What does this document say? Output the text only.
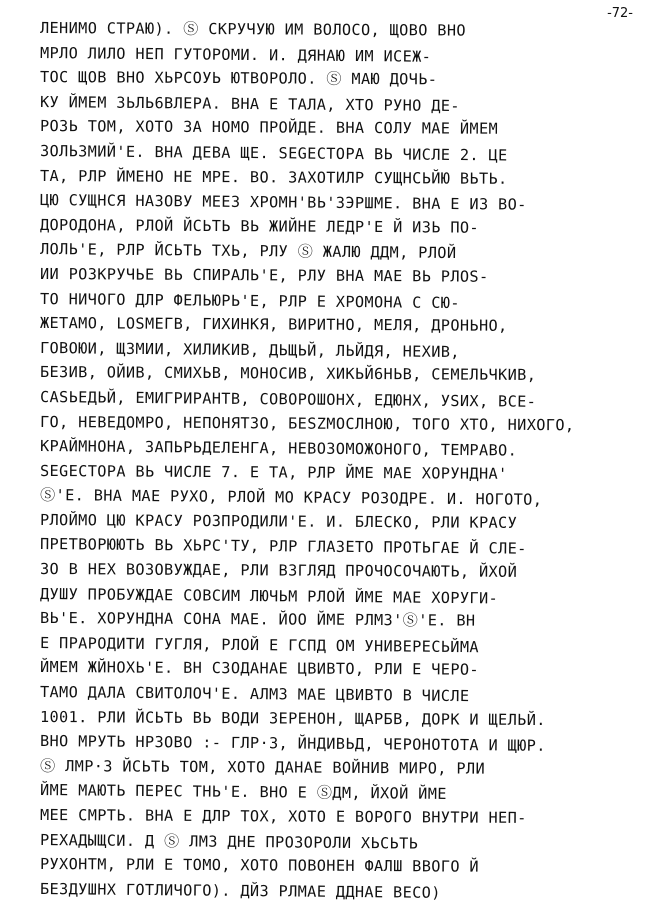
-72-
ЛЕНИМО СТРАЮ). Ⓢ СКРУЧУЮ ИМ ВОЛОСО, ЩОВО ВНО
МРЛО ЛИЛО НЕП ГУТОРОМИ. И. ДЯНАЮ ИМ ИСЕЖ-
ТОС ЩОВ ВНО ХЬРСОУЬ ЮТВОРОЛО. Ⓢ МАЮ ДОЧЬ-
КУ ЙМЕМ ЗЬЛЬ6ВЛЕРА. ВНА Е ТАЛА, ХТО РУНО ДЕ-
РОЗЬ ТОМ, ХОТО ЗА НОМО ПРОЙДЕ. ВНА СОЛУ МАЕ ЙМЕМ
ЗОЛЬЗМИЙ'Е. ВНА ДЕВА ЩЕ. SEGEСТОРА ВЬ ЧИСЛЕ 2. ЦЕ
ТА, РЛР ЙМЕНО НЕ МРЕ. ВО. ЗАХОТИЛР СУЩНСЬЙЮ ВЬТЬ.
ЦЮ СУЩНСЯ НАЗОВУ МЕЕЗ ХРОМН'ВЬ'ЗЭРШМЕ. ВНА Е ИЗ ВО-
ДОРОДОНА, РЛОЙ ЙСЬТЬ ВЬ ЖИЙНЕ ЛЕДР'Е Й ИЗЬ ПО-
ЛОЛЬ'Е, РЛР ЙСЬТЬ ТХЬ, РЛУ Ⓢ ЖАЛЮ ДДМ, РЛОЙ
ИИ РОЗКРУЧЬЕ ВЬ СПИРАЛЬ'Е, РЛУ ВНА МАЕ ВЬ РЛОS-
ТО НИЧОГО ДЛР ФЕЛЬЮРЬ'Е, РЛР Е ХРОМОНА С СЮ-
ЖЕТАМО, LOSMЕГВ, ГИХИНКЯ, ВИРИТНО, МЕЛЯ, ДРОНЬНО,
ГОВОЮИ, ЩЗМИИ, ХИЛИКИВ, ДЬЩЬЙ, ЛЬЙДЯ, НЕХИВ,
БЕЗИВ, ОЙИВ, СМИХЬВ, МОНОСИВ, ХИКЬЙ6НЬВ, СЕМЕЛЬЧКИВ,
САSЬЕДЬЙ, ЕМИГРИРАНТВ, СОВОРОШОНХ, ЕДЮНХ, УSИХ, ВСЕ-
ГО, НЕВЕДОМРО, НЕПОНЯТЗО, БЕSZМОСЛНОЮ, ТОГО ХТО, НИХОГО,
КРАЙМНОНА, ЗАПЬРЬДЕЛЕНГА, НЕВОЗОМОЖОНОГО, ТЕМРАВО.
SEGEСТОРА ВЬ ЧИСЛЕ 7. Е ТА, РЛР ЙМЕ МАЕ ХОРУНДНА'
Ⓢ'Е. ВНА МАЕ РУХО, РЛОЙ МО КРАСУ РОЗОДРЕ. И. НОГОТО,
РЛОЙМО ЦЮ КРАСУ РОЗПРОДИЛИ'Е. И. БЛЕСКО, РЛИ КРАСУ
ПРЕТВОРЮЮТЬ ВЬ ХЬРС'ТУ, РЛР ГЛАЗЕТО ПРОТЬГАЕ Й СЛЕ-
ЗО В НЕХ ВОЗОВУЖДАЕ, РЛИ ВЗГЛЯД ПРОЧОСОЧАЮТЬ, ЙХОЙ
ДУШУ ПРОБУЖДАЕ СОВСИМ ЛЮЧЬМ РЛОЙ ЙМЕ МАЕ ХОРУГИ-
ВЬ'Е. ХОРУНДНА СОНА МАЕ. ЙОО ЙМЕ РЛМЗ'Ⓢ'Е. ВН
Е ПРАРОДИТИ ГУГЛЯ, РЛОЙ Е ГСПД ОМ УНИВЕРЕСЬЙМА
ЙМЕМ ЖЙНОХЬ'Е. ВН СЗОДАНАЕ ЦВИВТО, РЛИ Е ЧЕРО-
ТАМО ДАЛА СВИТОЛОЧ'Е. АЛМЗ МАЕ ЦВИВТО В ЧИСЛЕ
1001. РЛИ ЙСЬТЬ ВЬ ВОДИ ЗЕРЕНОН, ЩАРБВ, ДОРК И ЩЕЛЬЙ.
ВНО МРУТЬ НРЗОВО :- ГЛР·З, ЙНДИВЬД, ЧЕРОНОТОТА И ЩЮР.
Ⓢ ЛМР·З ЙСЬТЬ ТОМ, ХОТО ДАНАЕ ВОЙНИВ МИРО, РЛИ
ЙМЕ МАЮТЬ ПЕРЕС ТНЬ'Е. ВНО Е ⓈДМ, ЙХОЙ ЙМЕ
МЕЕ СМРТЬ. ВНА Е ДЛР ТОХ, ХОТО Е ВОРОГО ВНУТРИ НЕП-
РЕХАДЫЩСИ. Д Ⓢ ЛМЗ ДНЕ ПРОЗОРОЛИ ХЬСЬТЬ
РУХОНТМ, РЛИ Е ТОМО, ХОТО ПОВОНЕН ФАЛШ ВВОГО Й
БЕЗДУШНХ ГОТЛИЧОГО). ДЙЗ РЛМАЕ ДДНАЕ ВЕСО)
